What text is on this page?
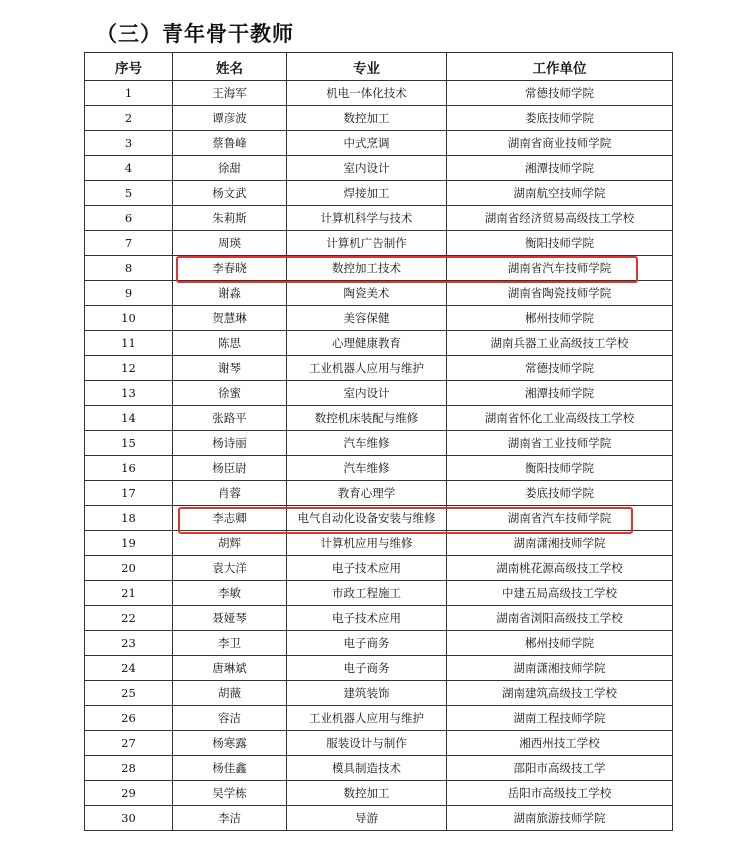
（三）青年骨干教师
序号	姓名	专业	工作单位
1	王海军	机电一体化技术	常德技师学院
2	谭彦波	数控加工	娄底技师学院
3	蔡鲁峰	中式烹调	湖南省商业技师学院
4	徐甜	室内设计	湘潭技师学院
5	杨文武	焊接加工	湖南航空技师学院
6	朱莉斯	计算机科学与技术	湖南省经济贸易高级技工学校
7	周瑛	计算机广告制作	衡阳技师学院
8	李春晓	数控加工技术	湖南省汽车技师学院
9	谢淼	陶瓷美术	湖南省陶瓷技师学院
10	贺慧琳	美容保健	郴州技师学院
11	陈思	心理健康教育	湖南兵器工业高级技工学校
12	谢琴	工业机器人应用与维护	常德技师学院
13	徐蜜	室内设计	湘潭技师学院
14	张路平	数控机床装配与维修	湖南省怀化工业高级技工学校
15	杨诗丽	汽车维修	湖南省工业技师学院
16	杨臣尉	汽车维修	衡阳技师学院
17	肖蓉	教育心理学	娄底技师学院
18	李志卿	电气自动化设备安装与维修	湖南省汽车技师学院
19	胡辉	计算机应用与维修	湖南潇湘技师学院
20	袁大洋	电子技术应用	湖南桃花源高级技工学校
21	李敏	市政工程施工	中建五局高级技工学校
22	聂娅琴	电子技术应用	湖南省浏阳高级技工学校
23	李卫	电子商务	郴州技师学院
24	唐琳斌	电子商务	湖南潇湘技师学院
25	胡薇	建筑装饰	湖南建筑高级技工学校
26	容洁	工业机器人应用与维护	湖南工程技师学院
27	杨寒露	服装设计与制作	湘西州技工学校
28	杨佳鑫	模具制造技术	邵阳市高级技工学
29	吴学栋	数控加工	岳阳市高级技工学校
30	李洁	导游	湖南旅游技师学院
